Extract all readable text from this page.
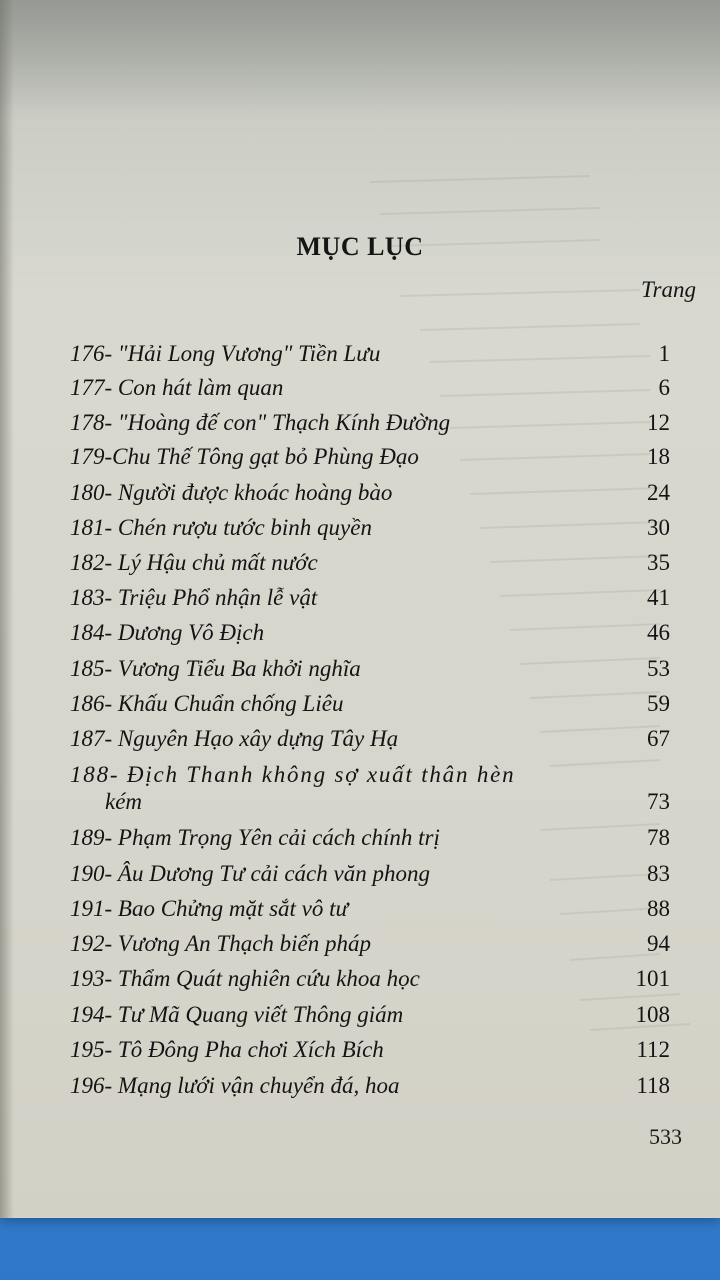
MỤC LỤC
Trang
176- "Hải Long Vương" Tiền Lưu	1
177- Con hát làm quan	6
178- "Hoàng đế con" Thạch Kính Đường	12
179-Chu Thế Tông gạt bỏ Phùng Đạo	18
180- Người được khoác hoàng bào	24
181- Chén rượu tước binh quyền	30
182- Lý Hậu chủ mất nước	35
183- Triệu Phổ nhận lễ vật	41
184- Dương Vô Địch	46
185- Vương Tiểu Ba khởi nghĩa	53
186- Khấu Chuẩn chống Liêu	59
187- Nguyên Hạo xây dựng Tây Hạ	67
188- Địch Thanh không sợ xuất thân hèn
kém	73
189- Phạm Trọng Yên cải cách chính trị	78
190- Âu Dương Tư cải cách văn phong	83
191- Bao Chửng mặt sắt vô tư	88
192- Vương An Thạch biến pháp	94
193- Thẩm Quát nghiên cứu khoa học	101
194- Tư Mã Quang viết Thông giám	108
195- Tô Đông Pha chơi Xích Bích	112
196- Mạng lưới vận chuyển đá, hoa	118
533
